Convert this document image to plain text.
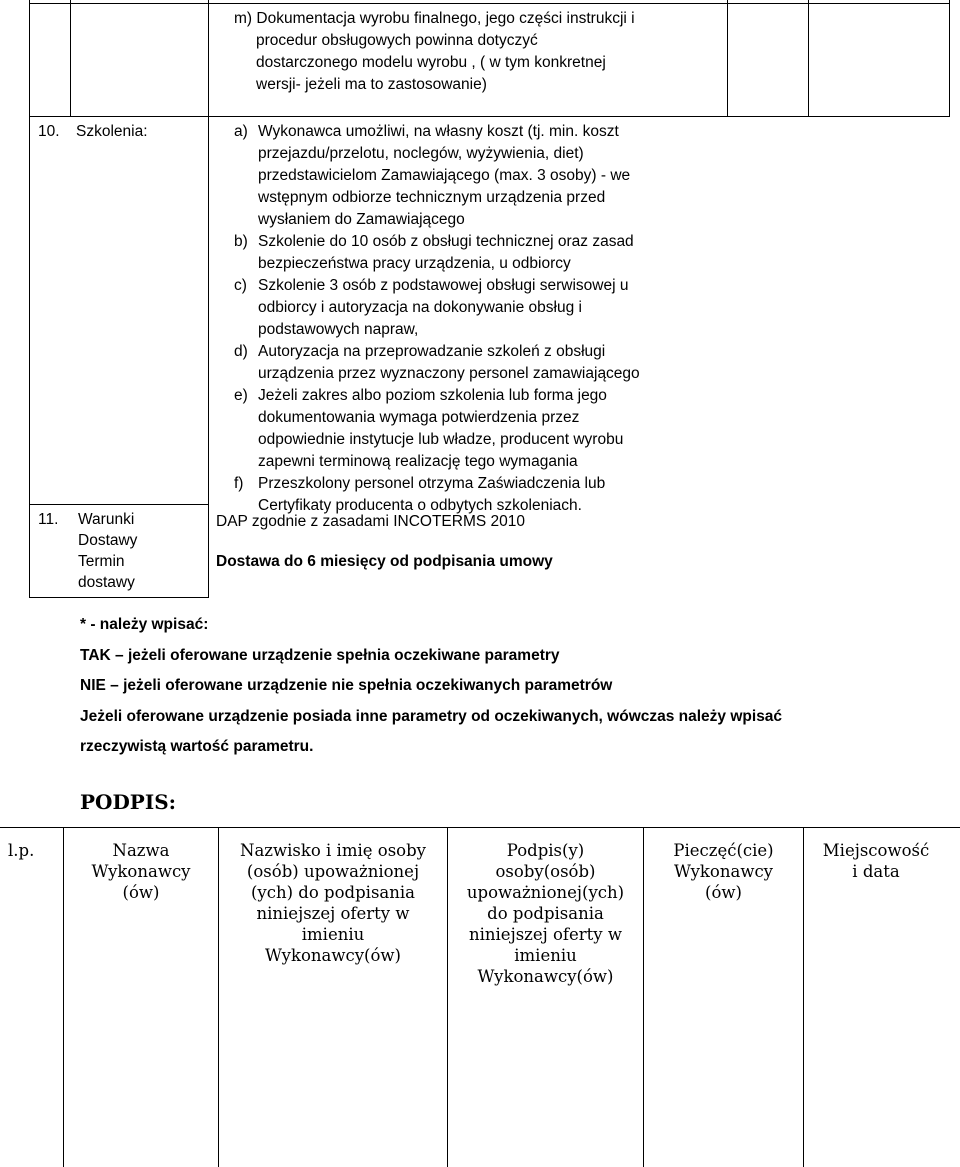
m) Dokumentacja wyrobu finalnego, jego części instrukcji i
procedur obsługowych powinna dotyczyć
dostarczonego modelu wyrobu , ( w tym konkretnej
wersji- jeżeli ma to zastosowanie)
10. Szkolenia:	a) Wykonawca umożliwi, na własny koszt (tj. min. koszt
przejazdu/przelotu, noclegów, wyżywienia, diet)
przedstawicielom Zamawiającego (max. 3 osoby) - we
wstępnym odbiorze technicznym urządzenia przed
wysłaniem do Zamawiającego
b) Szkolenie do 10 osób z obsługi technicznej oraz zasad
bezpieczeństwa pracy urządzenia, u odbiorcy
c) Szkolenie 3 osób z podstawowej obsługi serwisowej u
odbiorcy i autoryzacja na dokonywanie obsług i
podstawowych napraw,
d) Autoryzacja na przeprowadzanie szkoleń z obsługi
urządzenia przez wyznaczony personel zamawiającego
e) Jeżeli zakres albo poziom szkolenia lub forma jego
dokumentowania wymaga potwierdzenia przez
odpowiednie instytucje lub władze, producent wyrobu
zapewni terminową realizację tego wymagania
f) Przeszkolony personel otrzyma Zaświadczenia lub
Certyfikaty producenta o odbytych szkoleniach.
11. Warunki
Dostawy
Termin
dostawy
DAP zgodnie z zasadami INCOTERMS 2010
Dostawa do 6 miesięcy od podpisania umowy
* - należy wpisać:
TAK – jeżeli oferowane urządzenie spełnia oczekiwane parametry
NIE – jeżeli oferowane urządzenie nie spełnia oczekiwanych parametrów
Jeżeli oferowane urządzenie posiada inne parametry od oczekiwanych, wówczas należy wpisać
rzeczywistą wartość parametru.
PODPIS:
l.p.	Nazwa
Wykonawcy
(ów)
Nazwisko i imię osoby
(osób) upoważnionej
(ych) do podpisania
niniejszej oferty w
imieniu
Wykonawcy(ów)
Podpis(y)
osoby(osób)
upoważnionej(ych)
do podpisania
niniejszej oferty w
imieniu
Wykonawcy(ów)
Pieczęć(cie)
Wykonawcy
(ów)
Miejscowość
i data
